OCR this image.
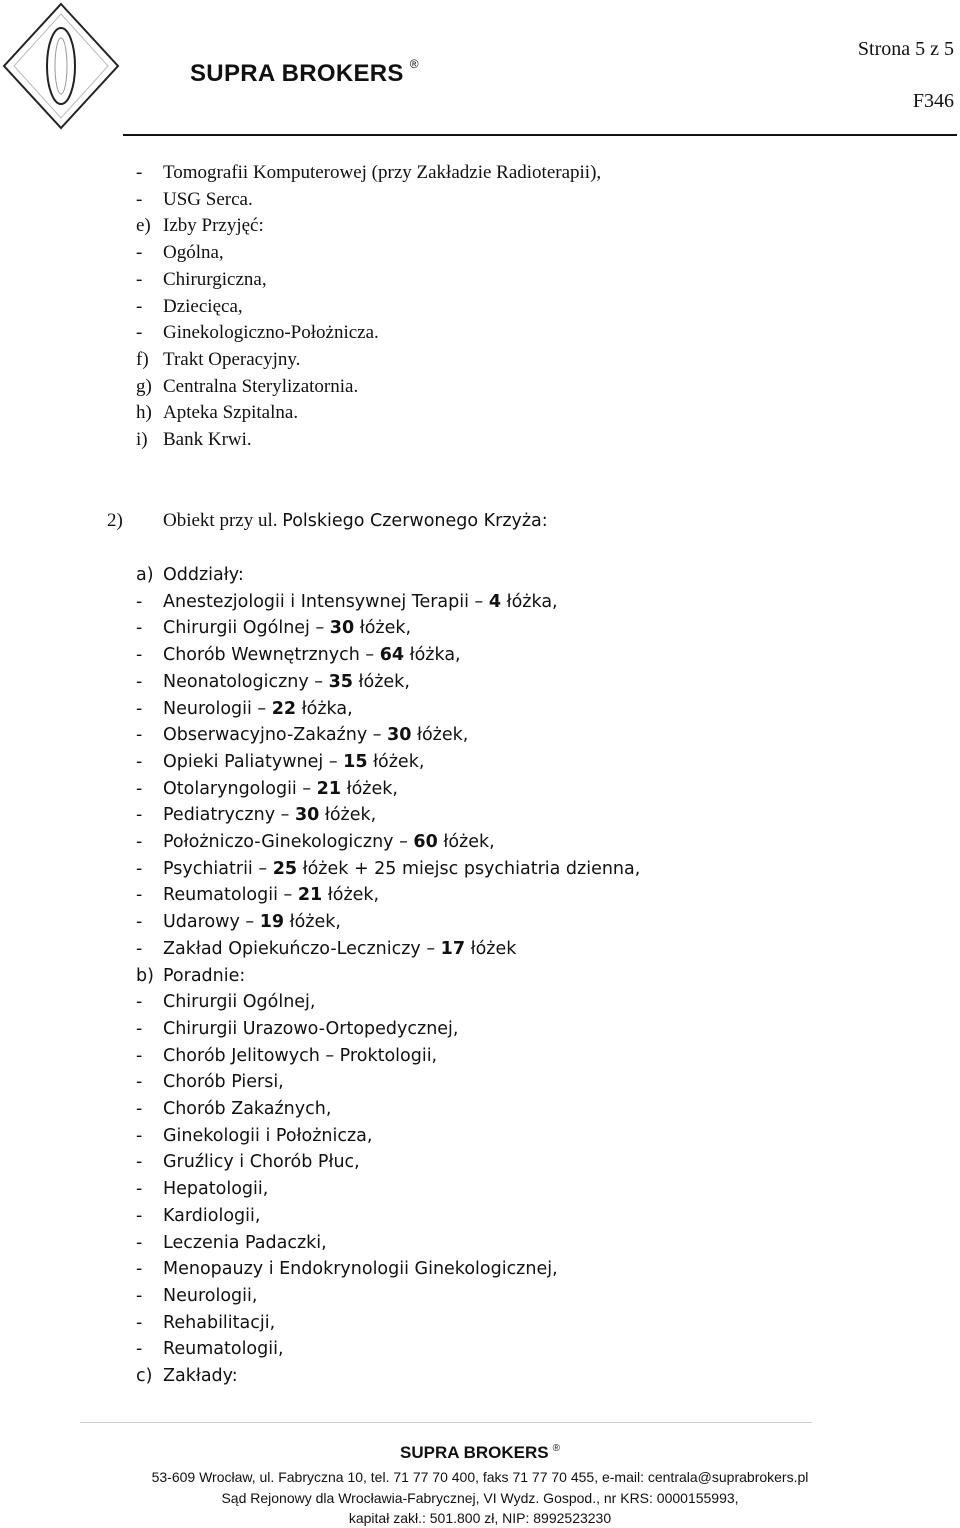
SUPRA BROKERS ®
Strona 5 z 5
F346
- Tomografii Komputerowej (przy Zakładzie Radioterapii),
- USG Serca.
e) Izby Przyjęć:
- Ogólna,
- Chirurgiczna,
- Dziecięca,
- Ginekologiczno-Położnicza.
f) Trakt Operacyjny.
g) Centralna Sterylizatornia.
h) Apteka Szpitalna.
i) Bank Krwi.
2) Obiekt przy ul. Polskiego Czerwonego Krzyża:
a) Oddziały:
- Anestezjologii i Intensywnej Terapii – 4 łóżka,
- Chirurgii Ogólnej – 30 łóżek,
- Chorób Wewnętrznych – 64 łóżka,
- Neonatologiczny – 35 łóżek,
- Neurologii – 22 łóżka,
- Obserwacyjno-Zakaźny – 30 łóżek,
- Opieki Paliatywnej – 15 łóżek,
- Otolaryngologii – 21 łóżek,
- Pediatryczny – 30 łóżek,
- Położniczo-Ginekologiczny – 60 łóżek,
- Psychiatrii – 25 łóżek + 25 miejsc psychiatria dzienna,
- Reumatologii – 21 łóżek,
- Udarowy – 19 łóżek,
- Zakład Opiekuńczo-Leczniczy – 17 łóżek
b) Poradnie:
- Chirurgii Ogólnej,
- Chirurgii Urazowo-Ortopedycznej,
- Chorób Jelitowych – Proktologii,
- Chorób Piersi,
- Chorób Zakaźnych,
- Ginekologii i Położnicza,
- Gruźlicy i Chorób Płuc,
- Hepatologii,
- Kardiologii,
- Leczenia Padaczki,
- Menopauzy i Endokrynologii Ginekologicznej,
- Neurologii,
- Rehabilitacji,
- Reumatologii,
c) Zakłady:
SUPRA BROKERS ®
53-609 Wrocław, ul. Fabryczna 10, tel. 71 77 70 400, faks 71 77 70 455, e-mail: centrala@suprabrokers.pl
Sąd Rejonowy dla Wrocławia-Fabrycznej, VI Wydz. Gospod., nr KRS: 0000155993,
kapitał zakł.: 501.800 zł, NIP: 8992523230
